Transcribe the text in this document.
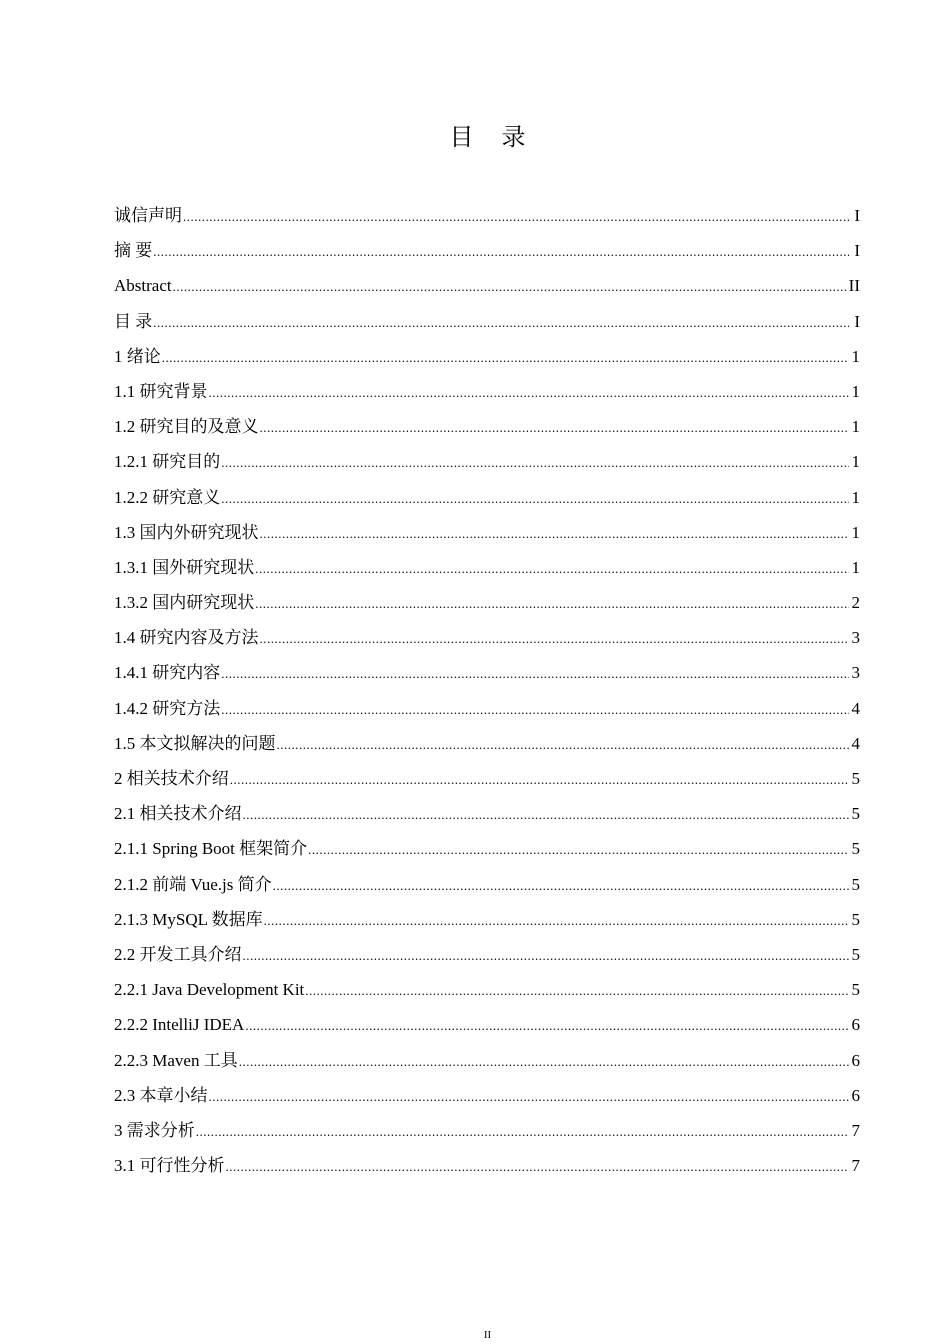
目 录
诚信声明 .....	I
摘 要 .....	I
Abstract .....	II
目 录 .....	I
1 绪论 .....	1
1.1 研究背景 .....	1
1.2 研究目的及意义 .....	1
1.2.1 研究目的 .....	1
1.2.2 研究意义 .....	1
1.3 国内外研究现状 .....	1
1.3.1 国外研究现状 .....	1
1.3.2 国内研究现状 .....	2
1.4 研究内容及方法 .....	3
1.4.1 研究内容 .....	3
1.4.2 研究方法 .....	4
1.5 本文拟解决的问题 .....	4
2 相关技术介绍 .....	5
2.1 相关技术介绍 .....	5
2.1.1 Spring Boot 框架简介 .....	5
2.1.2 前端 Vue.js 简介 .....	5
2.1.3 MySQL 数据库 .....	5
2.2 开发工具介绍 .....	5
2.2.1 Java Development Kit .....	5
2.2.2 IntelliJ IDEA .....	6
2.2.3 Maven 工具 .....	6
2.3 本章小结 .....	6
3 需求分析 .....	7
3.1 可行性分析 .....	7
II
